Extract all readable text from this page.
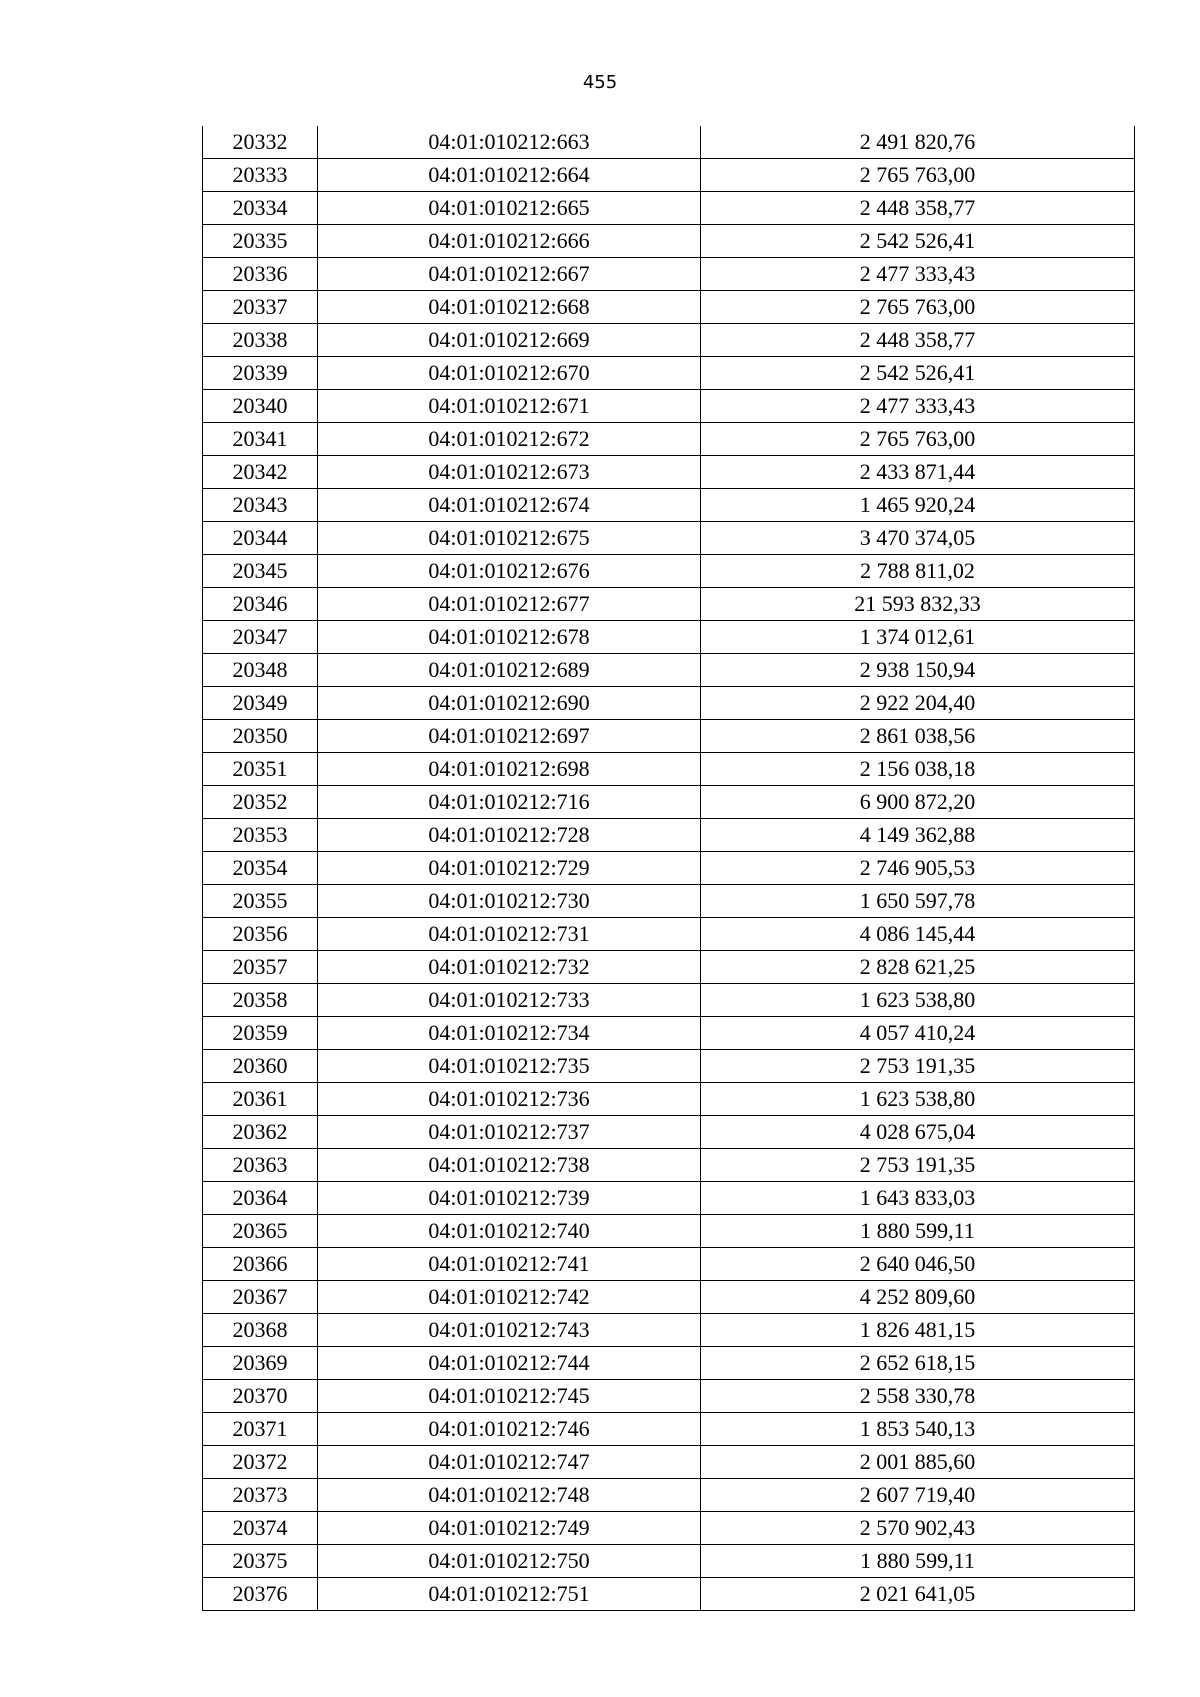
455
20332	04:01:010212:663	2 491 820,76
20333	04:01:010212:664	2 765 763,00
20334	04:01:010212:665	2 448 358,77
20335	04:01:010212:666	2 542 526,41
20336	04:01:010212:667	2 477 333,43
20337	04:01:010212:668	2 765 763,00
20338	04:01:010212:669	2 448 358,77
20339	04:01:010212:670	2 542 526,41
20340	04:01:010212:671	2 477 333,43
20341	04:01:010212:672	2 765 763,00
20342	04:01:010212:673	2 433 871,44
20343	04:01:010212:674	1 465 920,24
20344	04:01:010212:675	3 470 374,05
20345	04:01:010212:676	2 788 811,02
20346	04:01:010212:677	21 593 832,33
20347	04:01:010212:678	1 374 012,61
20348	04:01:010212:689	2 938 150,94
20349	04:01:010212:690	2 922 204,40
20350	04:01:010212:697	2 861 038,56
20351	04:01:010212:698	2 156 038,18
20352	04:01:010212:716	6 900 872,20
20353	04:01:010212:728	4 149 362,88
20354	04:01:010212:729	2 746 905,53
20355	04:01:010212:730	1 650 597,78
20356	04:01:010212:731	4 086 145,44
20357	04:01:010212:732	2 828 621,25
20358	04:01:010212:733	1 623 538,80
20359	04:01:010212:734	4 057 410,24
20360	04:01:010212:735	2 753 191,35
20361	04:01:010212:736	1 623 538,80
20362	04:01:010212:737	4 028 675,04
20363	04:01:010212:738	2 753 191,35
20364	04:01:010212:739	1 643 833,03
20365	04:01:010212:740	1 880 599,11
20366	04:01:010212:741	2 640 046,50
20367	04:01:010212:742	4 252 809,60
20368	04:01:010212:743	1 826 481,15
20369	04:01:010212:744	2 652 618,15
20370	04:01:010212:745	2 558 330,78
20371	04:01:010212:746	1 853 540,13
20372	04:01:010212:747	2 001 885,60
20373	04:01:010212:748	2 607 719,40
20374	04:01:010212:749	2 570 902,43
20375	04:01:010212:750	1 880 599,11
20376	04:01:010212:751	2 021 641,05
